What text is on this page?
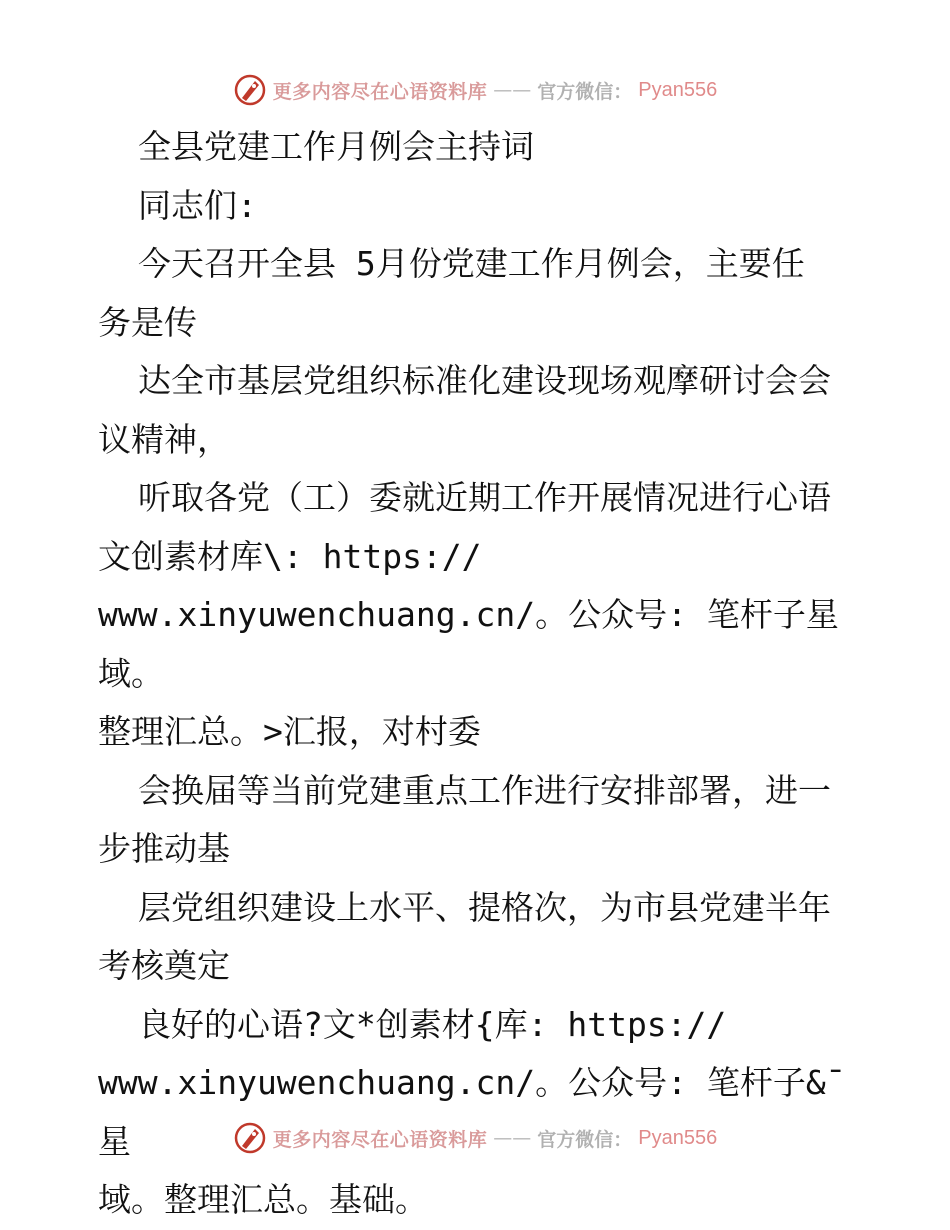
更多内容尽在心语资料库 —— 官方微信： Pyan556

全县党建工作月例会主持词

同志们:

今天召开全县 5月份党建工作月例会，主要任

务是传

达全市基层党组织标准化建设现场观摩研讨会会

议精神，

听取各党（工）委就近期工作开展情况进行心语

文创素材库\: https://

www.xinyuwenchuang.cn/。公众号: 笔杆子星域。

整理汇总。>汇报，对村委

会换届等当前党建重点工作进行安排部署，进一

步推动基

层党组织建设上水平、提格次，为市县党建半年

考核奠定

良好的心语?文*创素材{库: https://

www.xinyuwenchuang.cn/。公众号: 笔杆子&¯星

域。整理汇总。基础。

更多内容尽在心语资料库 —— 官方微信： Pyan556
